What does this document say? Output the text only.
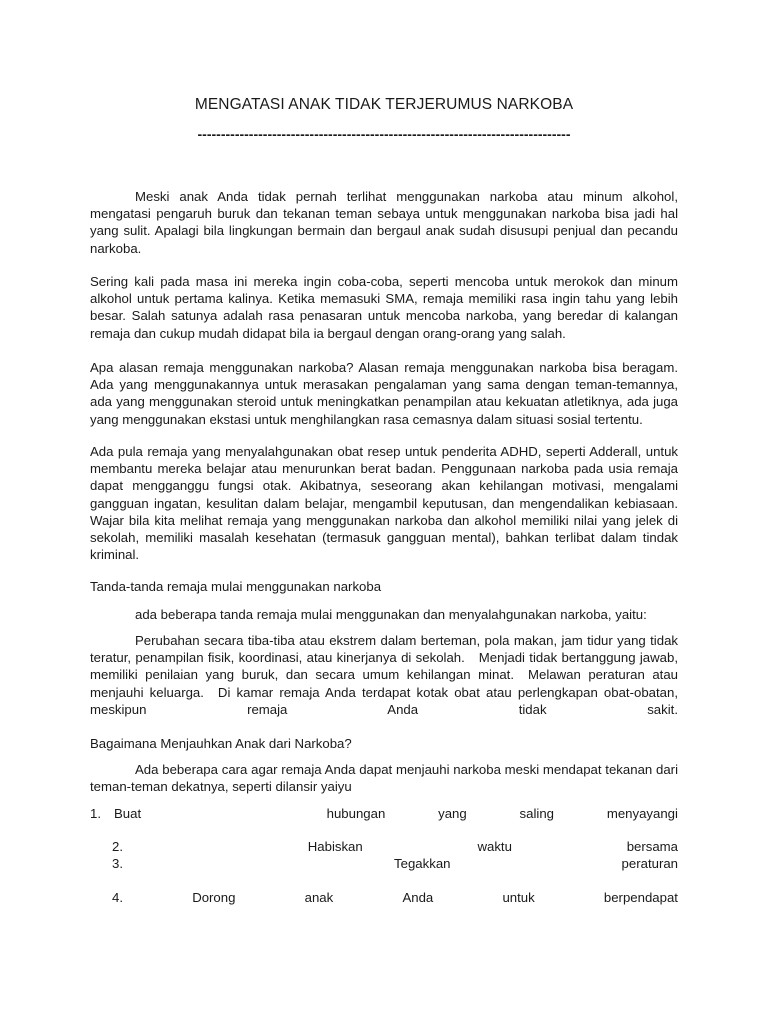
MENGATASI ANAK TIDAK TERJERUMUS NARKOBA
--------------------------------------------------------------------------------

Meski anak Anda tidak pernah terlihat menggunakan narkoba atau minum alkohol, mengatasi pengaruh buruk dan tekanan teman sebaya untuk menggunakan narkoba bisa jadi hal yang sulit. Apalagi bila lingkungan bermain dan bergaul anak sudah disusupi penjual dan pecandu narkoba.

Sering kali pada masa ini mereka ingin coba-coba, seperti mencoba untuk merokok dan minum alkohol untuk pertama kalinya. Ketika memasuki SMA, remaja memiliki rasa ingin tahu yang lebih besar. Salah satunya adalah rasa penasaran untuk mencoba narkoba, yang beredar di kalangan remaja dan cukup mudah didapat bila ia bergaul dengan orang-orang yang salah.

Apa alasan remaja menggunakan narkoba? Alasan remaja menggunakan narkoba bisa beragam. Ada yang menggunakannya untuk merasakan pengalaman yang sama dengan teman-temannya, ada yang menggunakan steroid untuk meningkatkan penampilan atau kekuatan atletiknya, ada juga yang menggunakan ekstasi untuk menghilangkan rasa cemasnya dalam situasi sosial tertentu.

Ada pula remaja yang menyalahgunakan obat resep untuk penderita ADHD, seperti Adderall, untuk membantu mereka belajar atau menurunkan berat badan. Penggunaan narkoba pada usia remaja dapat mengganggu fungsi otak. Akibatnya, seseorang akan kehilangan motivasi, mengalami gangguan ingatan, kesulitan dalam belajar, mengambil keputusan, dan mengendalikan kebiasaan. Wajar bila kita melihat remaja yang menggunakan narkoba dan alkohol memiliki nilai yang jelek di sekolah, memiliki masalah kesehatan (termasuk gangguan mental), bahkan terlibat dalam tindak kriminal.

Tanda-tanda remaja mulai menggunakan narkoba

ada beberapa tanda remaja mulai menggunakan dan menyalahgunakan narkoba, yaitu:

Perubahan secara tiba-tiba atau ekstrem dalam berteman, pola makan, jam tidur yang tidak teratur, penampilan fisik, koordinasi, atau kinerjanya di sekolah. Menjadi tidak bertanggung jawab, memiliki penilaian yang buruk, dan secara umum kehilangan minat. Melawan peraturan atau menjauhi keluarga. Di kamar remaja Anda terdapat kotak obat atau perlengkapan obat-obatan, meskipun remaja Anda tidak sakit.

Bagaimana Menjauhkan Anak dari Narkoba?

Ada beberapa cara agar remaja Anda dapat menjauhi narkoba meski mendapat tekanan dari teman-teman dekatnya, seperti dilansir yaiyu

1. Buat	hubungan	yang	saling	menyayangi
2.	Habiskan	waktu	bersama
3.	Tegakkan	peraturan
4.	Dorong	anak	Anda	untuk	berpendapat
